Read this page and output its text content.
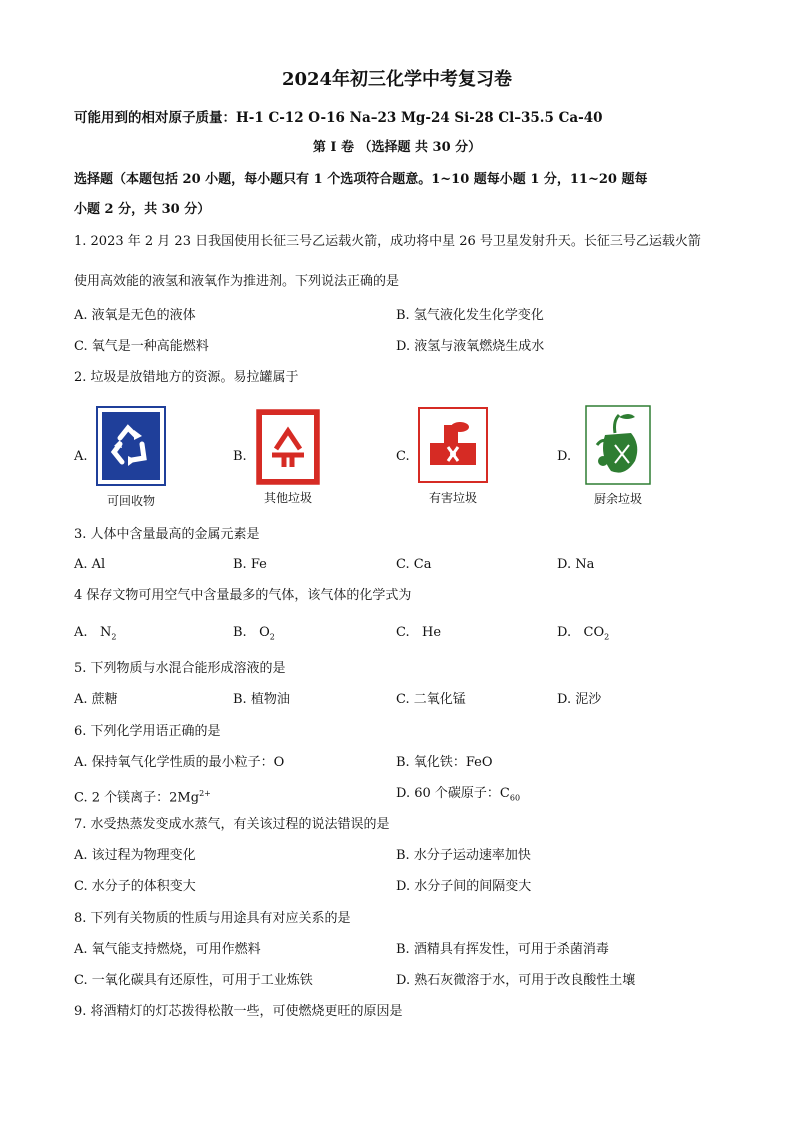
2024年初三化学中考复习卷
可能用到的相对原子质量：H-1 C-12 O-16 Na–23 Mg-24 Si-28 Cl–35.5 Ca-40
第 I 卷 （选择题 共 30 分）
选择题（本题包括 20 小题，每小题只有 1 个选项符合题意。1~10 题每小题 1 分，11~20 题每
小题 2 分，共 30 分）
1. 2023 年 2 月 23 日我国使用长征三号乙运载火箭，成功将中星 26 号卫星发射升天。长征三号乙运载火箭
使用高效能的液氢和液氧作为推进剂。下列说法正确的是
A. 液氧是无色的液体	B. 氢气液化发生化学变化
C. 氧气是一种高能燃料	D. 液氢与液氧燃烧生成水
2. 垃圾是放错地方的资源。易拉罐属于
A.
可回收物
B.
其他垃圾
C.
有害垃圾
D.
厨余垃圾
3. 人体中含量最高的金属元素是
A. Al	B. Fe	C. Ca	D. Na
4 保存文物可用空气中含量最多的气体，该气体的化学式为
A. $N_2$	B. $O_2$	C. He	D. $CO_2$
5. 下列物质与水混合能形成溶液的是
A. 蔗糖	B. 植物油	C. 二氧化锰	D. 泥沙
6. 下列化学用语正确的是
A. 保持氧气化学性质的最小粒子：O	B. 氧化铁：FeO
C. 2 个镁离子：$2Mg^{2+}$	D. 60 个碳原子：$C_{60}$
7. 水受热蒸发变成水蒸气，有关该过程的说法错误的是
A. 该过程为物理变化	B. 水分子运动速率加快
C. 水分子的体积变大	D. 水分子间的间隔变大
8. 下列有关物质的性质与用途具有对应关系的是
A. 氧气能支持燃烧，可用作燃料	B. 酒精具有挥发性，可用于杀菌消毒
C. 一氧化碳具有还原性，可用于工业炼铁	D. 熟石灰微溶于水，可用于改良酸性土壤
9. 将酒精灯的灯芯拨得松散一些，可使燃烧更旺的原因是
